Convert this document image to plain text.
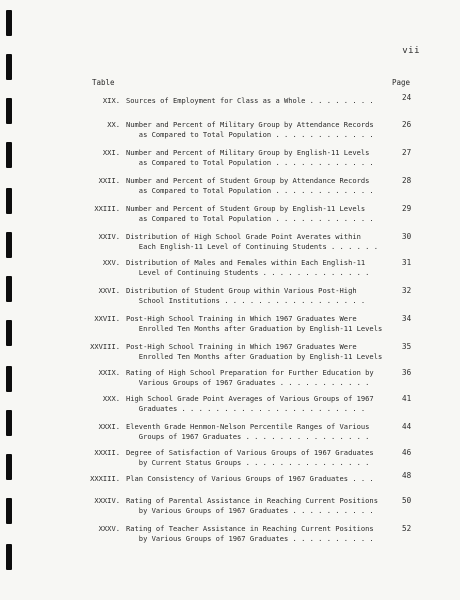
vii
Table	Page
XIX. Sources of Employment for Class as a Whole . . . . . . . .	24
XX. Number and Percent of Military Group by Attendance Records
as Compared to Total Population . . . . . . . . . . . .
26
XXI. Number and Percent of Military Group by English-11 Levels
as Compared to Total Population . . . . . . . . . . . .
27
XXII. Number and Percent of Student Group by Attendance Records
as Compared to Total Population . . . . . . . . . . . .
28
XXIII. Number and Percent of Student Group by English-11 Levels
as Compared to Total Population . . . . . . . . . . . .
29
XXIV. Distribution of High School Grade Point Averates within
Each English-11 Level of Continuing Students . . . . . .
30
XXV. Distribution of Males and Females within Each English-11
Level of Continuing Students . . . . . . . . . . . . .
31
XXVI. Distribution of Student Group within Various Post-High
School Institutions . . . . . . . . . . . . . . . . .
32
XXVII. Post-High School Training in Which 1967 Graduates Were
Enrolled Ten Months after Graduation by English-11 Levels
34
XXVIII. Post-High School Training in Which 1967 Graduates Were
Enrolled Ten Months after Graduation by English-11 Levels
35
XXIX. Rating of High School Preparation for Further Education by
Various Groups of 1967 Graduates . . . . . . . . . . .
36
XXX. High School Grade Point Averages of Various Groups of 1967
Graduates . . . . . . . . . . . . . . . . . . . . . .
41
XXXI. Eleventh Grade Henmon-Nelson Percentile Ranges of Various
Groups of 1967 Graduates . . . . . . . . . . . . . . .
44
XXXII. Degree of Satisfaction of Various Groups of 1967 Graduates
by Current Status Groups . . . . . . . . . . . . . . .
46
XXXIII. Plan Consistency of Various Groups of 1967 Graduates . . .	48
XXXIV. Rating of Parental Assistance in Reaching Current Positions
by Various Groups of 1967 Graduates . . . . . . . . . .
50
XXXV. Rating of Teacher Assistance in Reaching Current Positions
by Various Groups of 1967 Graduates . . . . . . . . . .
52
